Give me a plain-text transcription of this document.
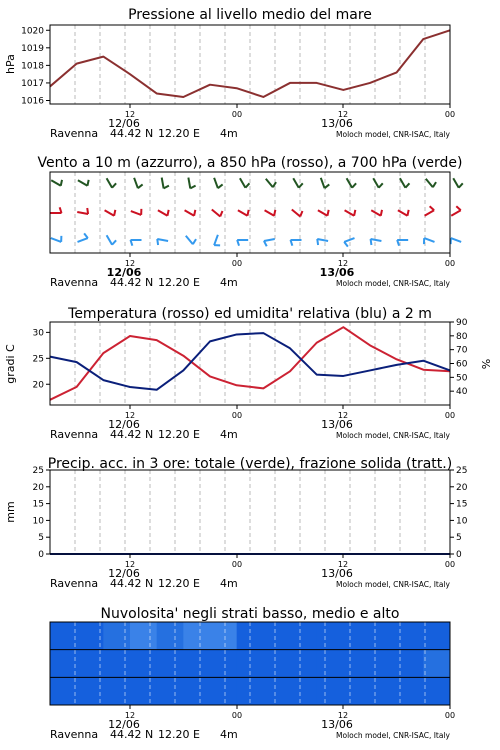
1016
1017
1018
1019
1020
Pressione al livello medio del mare
hPa
12	00	12	00
12/06	13/06
Ravenna 44.42 N 12.20 E 4m	Moloch model, CNR-ISAC, Italy
Vento a 10 m (azzurro), a 850 hPa (rosso), a 700 hPa (verde)
12	00	12	00
12/06	13/06
Ravenna 44.42 N 12.20 E 4m	Moloch model, CNR-ISAC, Italy
20
25
30
40
50
60
70
80
90
Temperatura (rosso) ed umidita' relativa (blu) a 2 m
gradi C	%
12	00	12	00
12/06	13/06
Ravenna 44.42 N 12.20 E 4m	Moloch model, CNR-ISAC, Italy
0
5
10
15
20
25
0
5
10
15
20
25
Precip. acc. in 3 ore: totale (verde), frazione solida (tratt.)
mm
12	00	12	00
12/06	13/06
Ravenna 44.42 N 12.20 E 4m	Moloch model, CNR-ISAC, Italy
Nuvolosita' negli strati basso, medio e alto
12	00	12	00
12/06	13/06
Ravenna 44.42 N 12.20 E 4m	Moloch model, CNR-ISAC, Italy
